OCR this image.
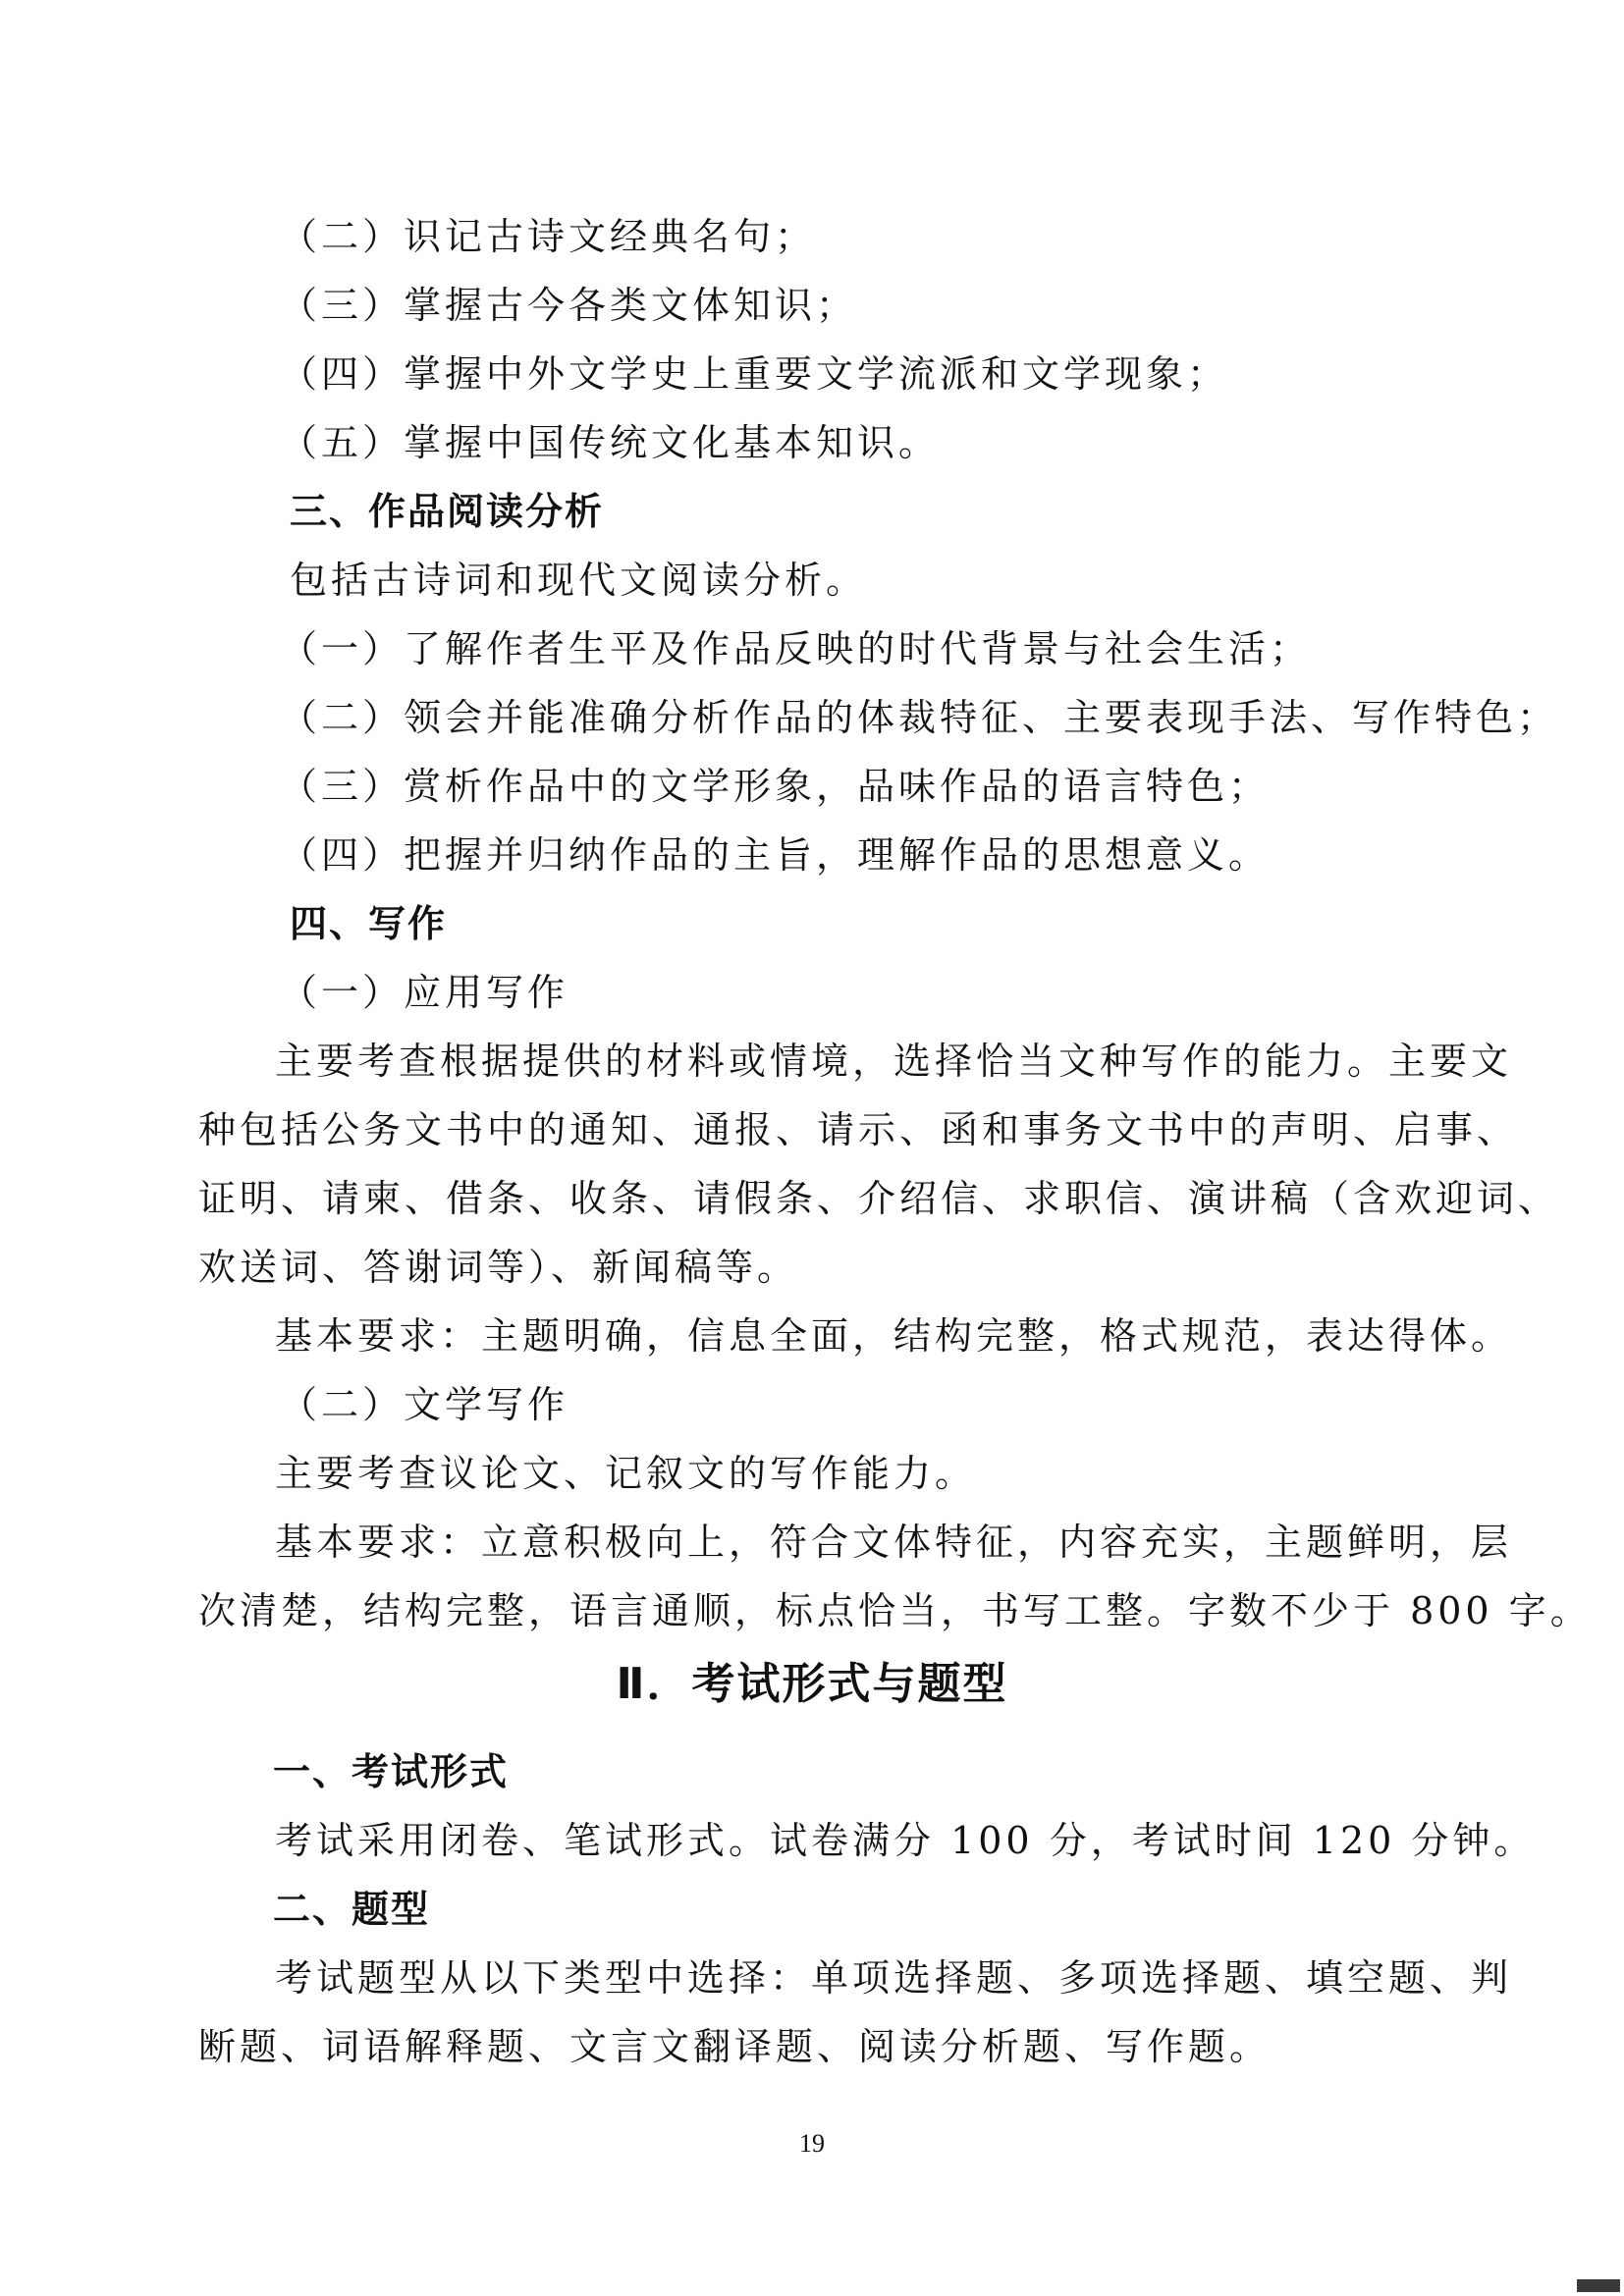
（二）识记古诗文经典名句；
（三）掌握古今各类文体知识；
（四）掌握中外文学史上重要文学流派和文学现象；
（五）掌握中国传统文化基本知识。
三、作品阅读分析
包括古诗词和现代文阅读分析。
（一）了解作者生平及作品反映的时代背景与社会生活；
（二）领会并能准确分析作品的体裁特征、主要表现手法、写作特色；
（三）赏析作品中的文学形象，品味作品的语言特色；
（四）把握并归纳作品的主旨，理解作品的思想意义。
四、写作
（一）应用写作
主要考查根据提供的材料或情境，选择恰当文种写作的能力。主要文
种包括公务文书中的通知、通报、请示、函和事务文书中的声明、启事、
证明、请柬、借条、收条、请假条、介绍信、求职信、演讲稿（含欢迎词、
欢送词、答谢词等）、新闻稿等。
基本要求：主题明确，信息全面，结构完整，格式规范，表达得体。
（二）文学写作
主要考查议论文、记叙文的写作能力。
基本要求：立意积极向上，符合文体特征，内容充实，主题鲜明，层
次清楚，结构完整，语言通顺，标点恰当，书写工整。字数不少于 800 字。
Ⅱ．考试形式与题型
一、考试形式
考试采用闭卷、笔试形式。试卷满分 100 分，考试时间 120 分钟。
二、题型
考试题型从以下类型中选择：单项选择题、多项选择题、填空题、判
断题、词语解释题、文言文翻译题、阅读分析题、写作题。
19
